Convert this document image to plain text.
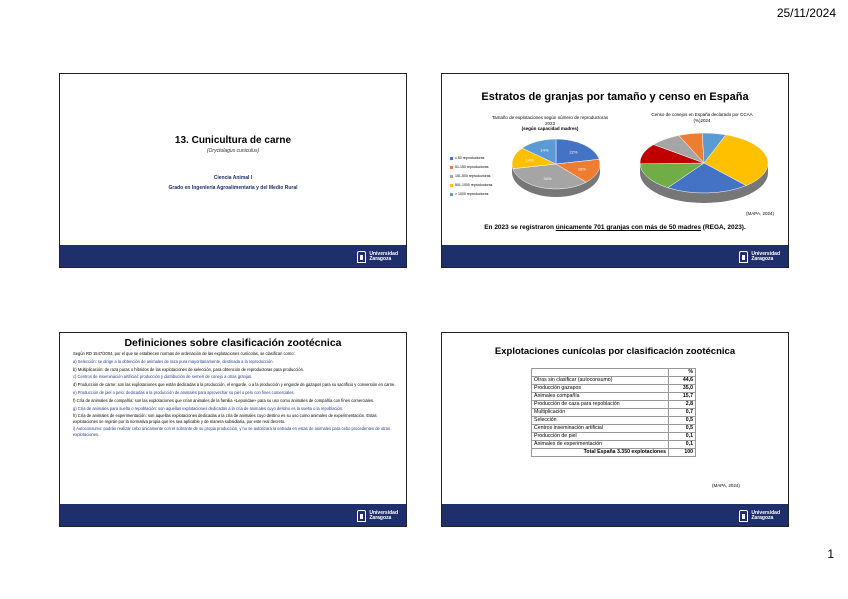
25/11/2024
13. Cunicultura de carne
(Oryctolagus cuniculus)
Ciencia Animal I
Grado en Ingeniería Agroalimentaria y del Medio Rural
Universidad
Zaragoza
Estratos de granjas por tamaño y censo en España
Tamaño de explotaciones según número de reproductoras
2023
(según capacidad madres)
Censo de conejos en España declarado por CCAA
(%)2024
≤ 50 reproductoras
51-150 reproductoras
151-500 reproductoras
501-1000 reproductoras
> 1000 reproductoras
22%
16%
34%
14%
14%
(MAPA, 2024)
En 2023 se registraron únicamente 701 granjas con más de 50 madres (REGA, 2023).
Universidad
Zaragoza
Definiciones sobre clasificación zootécnica

Según RD 1547/2004, por el que se establecen normas de ordenación de las explotaciones cunícolas, se clasifican como:

a) Selección: se dirige a la obtención de animales de raza pura mayoritariamente, destinada a la reproducción.

b) Multiplicación: de raza puras o híbridos de las explotaciones de selección, para obtención de reproductoras para producción.

c) Centros de inseminación artificial: producción y distribución de semen de conejo a otras granjas.

d) Producción de carne: son las explotaciones que están dedicadas a la producción, el engorde, o a la producción y engorde de gazapos para su sacrificio y conversión en carne.

e) Producción de piel o pelo: dedicadas a la producción de animales para aprovechar su piel o pelo con fines comerciales.

f) Cría de animales de compañía: son las explotaciones que crían animales de la familia «Leporidae» para su uso como animales de compañía con fines comerciales.

g) Cría de animales para suelta o repoblación: son aquellas explotaciones dedicadas a la cría de animales cuyo destino es la suelta o la repoblación.

h) Cría de animales de experimentación: son aquellas explotaciones dedicadas a la cría de animales cuyo destino es su uso como animales de experimentación. Estas explotaciones se regirán por la normativa propia que les sea aplicable y de manera subsidiaria, por este real decreto.

i) Autoconsumo: podrán realizar cebo únicamente con el sobrante de su propia producción, y no se autorizará la entrada en estas de animales para cebo procedentes de otras explotaciones.

Universidad
Zaragoza
Explotaciones cunícolas por clasificación zootécnica
	%
Otras sin clasificar (autoconsumo)	44,6
Producción gazapos	35,0
Animales compañía	15,7
Producción de caza para repoblación	2,8
Multiplicación	0,7
Selección	0,5
Centros inseminación artificial	0,5
Producción de piel	0,1
Animales de experimentación	0,1
Total España 3.350 explotaciones	100
(MAPA, 2024)
Universidad
Zaragoza
1
